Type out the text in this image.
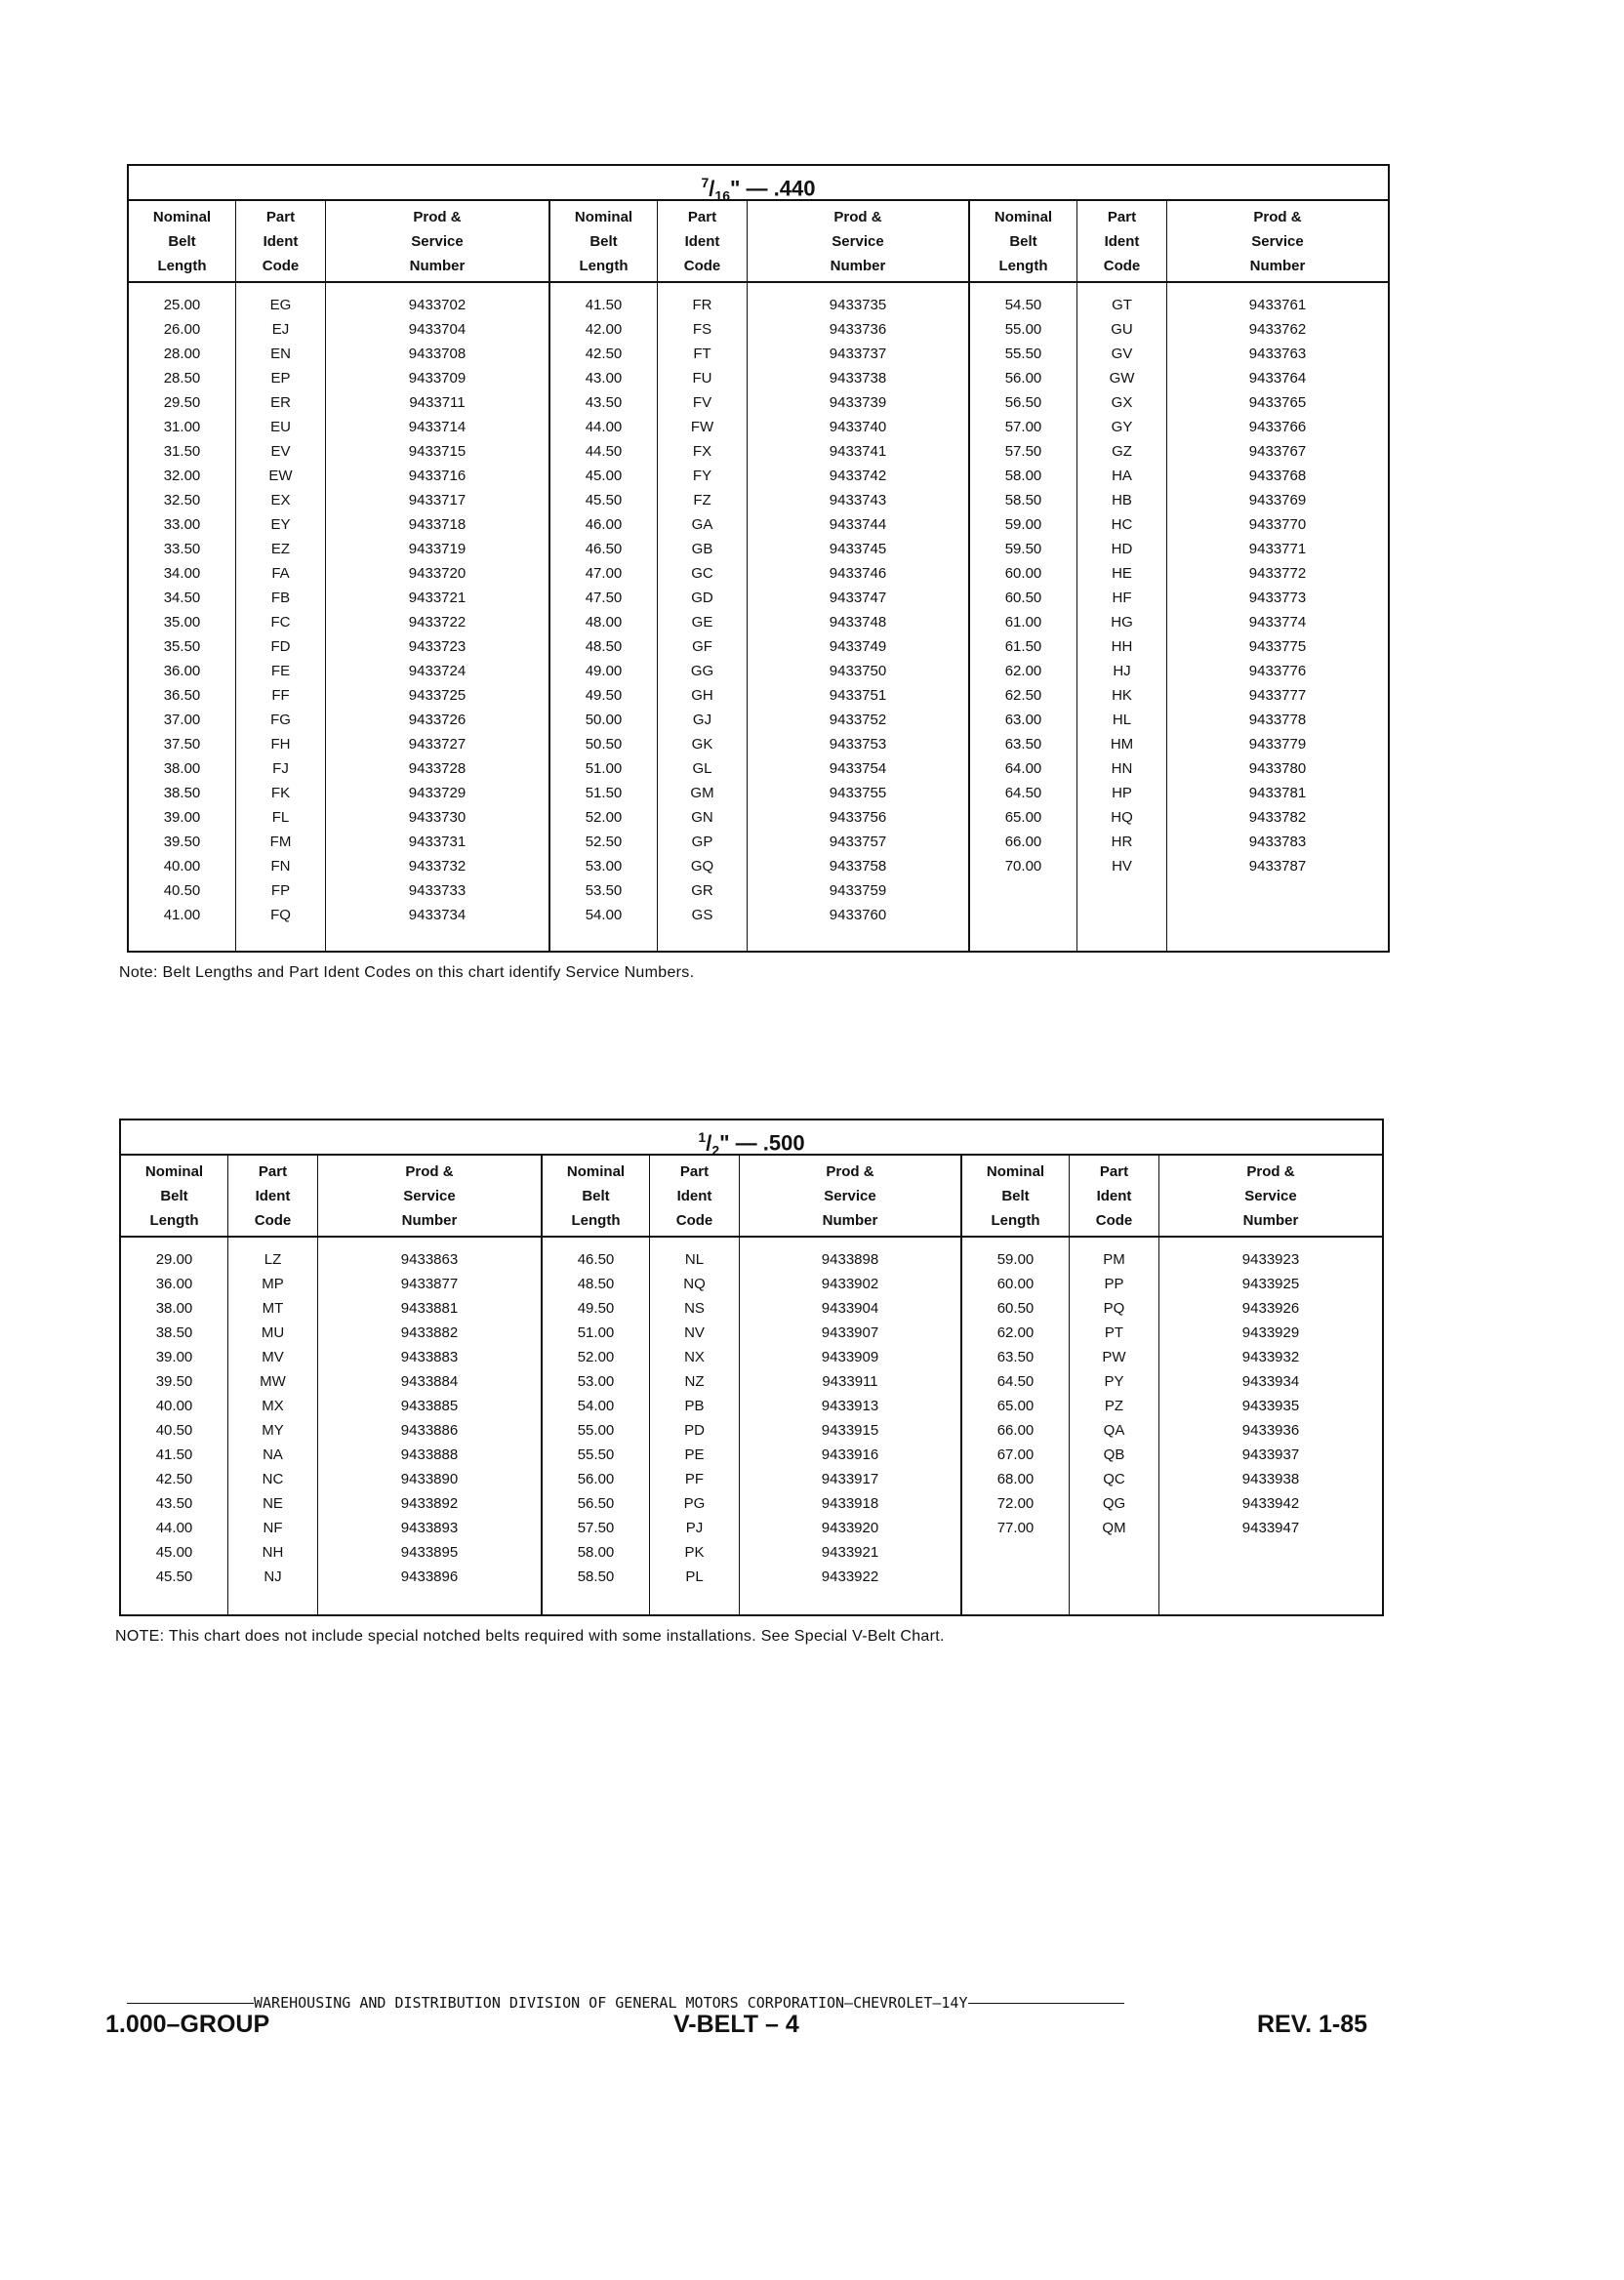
$^7/_{16}$" — .440
Nominal
Belt
Length
Part
Ident
Code
Prod &
Service
Number
25.00
26.00
28.00
28.50
29.50
31.00
31.50
32.00
32.50
33.00
33.50
34.00
34.50
35.00
35.50
36.00
36.50
37.00
37.50
38.00
38.50
39.00
39.50
40.00
40.50
41.00
EG
EJ
EN
EP
ER
EU
EV
EW
EX
EY
EZ
FA
FB
FC
FD
FE
FF
FG
FH
FJ
FK
FL
FM
FN
FP
FQ
9433702
9433704
9433708
9433709
9433711
9433714
9433715
9433716
9433717
9433718
9433719
9433720
9433721
9433722
9433723
9433724
9433725
9433726
9433727
9433728
9433729
9433730
9433731
9433732
9433733
9433734
Nominal
Belt
Length
Part
Ident
Code
Prod &
Service
Number
41.50
42.00
42.50
43.00
43.50
44.00
44.50
45.00
45.50
46.00
46.50
47.00
47.50
48.00
48.50
49.00
49.50
50.00
50.50
51.00
51.50
52.00
52.50
53.00
53.50
54.00
FR
FS
FT
FU
FV
FW
FX
FY
FZ
GA
GB
GC
GD
GE
GF
GG
GH
GJ
GK
GL
GM
GN
GP
GQ
GR
GS
9433735
9433736
9433737
9433738
9433739
9433740
9433741
9433742
9433743
9433744
9433745
9433746
9433747
9433748
9433749
9433750
9433751
9433752
9433753
9433754
9433755
9433756
9433757
9433758
9433759
9433760
Nominal
Belt
Length
Part
Ident
Code
Prod &
Service
Number
54.50
55.00
55.50
56.00
56.50
57.00
57.50
58.00
58.50
59.00
59.50
60.00
60.50
61.00
61.50
62.00
62.50
63.00
63.50
64.00
64.50
65.00
66.00
70.00
GT
GU
GV
GW
GX
GY
GZ
HA
HB
HC
HD
HE
HF
HG
HH
HJ
HK
HL
HM
HN
HP
HQ
HR
HV
9433761
9433762
9433763
9433764
9433765
9433766
9433767
9433768
9433769
9433770
9433771
9433772
9433773
9433774
9433775
9433776
9433777
9433778
9433779
9433780
9433781
9433782
9433783
9433787
Note: Belt Lengths and Part Ident Codes on this chart identify Service Numbers.
$^1/_2$" — .500
Nominal
Belt
Length
Part
Ident
Code
Prod &
Service
Number
29.00
36.00
38.00
38.50
39.00
39.50
40.00
40.50
41.50
42.50
43.50
44.00
45.00
45.50
LZ
MP
MT
MU
MV
MW
MX
MY
NA
NC
NE
NF
NH
NJ
9433863
9433877
9433881
9433882
9433883
9433884
9433885
9433886
9433888
9433890
9433892
9433893
9433895
9433896
Nominal
Belt
Length
Part
Ident
Code
Prod &
Service
Number
46.50
48.50
49.50
51.00
52.00
53.00
54.00
55.00
55.50
56.00
56.50
57.50
58.00
58.50
NL
NQ
NS
NV
NX
NZ
PB
PD
PE
PF
PG
PJ
PK
PL
9433898
9433902
9433904
9433907
9433909
9433911
9433913
9433915
9433916
9433917
9433918
9433920
9433921
9433922
Nominal
Belt
Length
Part
Ident
Code
Prod &
Service
Number
59.00
60.00
60.50
62.00
63.50
64.50
65.00
66.00
67.00
68.00
72.00
77.00
PM
PP
PQ
PT
PW
PY
PZ
QA
QB
QC
QG
QM
9433923
9433925
9433926
9433929
9433932
9433934
9433935
9433936
9433937
9433938
9433942
9433947
NOTE: This chart does not include special notched belts required with some installations. See Special V-Belt Chart.
WAREHOUSING AND DISTRIBUTION DIVISION OF GENERAL MOTORS CORPORATION–CHEVROLET–14Y
1.000–GROUP	V-BELT – 4	REV. 1-85
